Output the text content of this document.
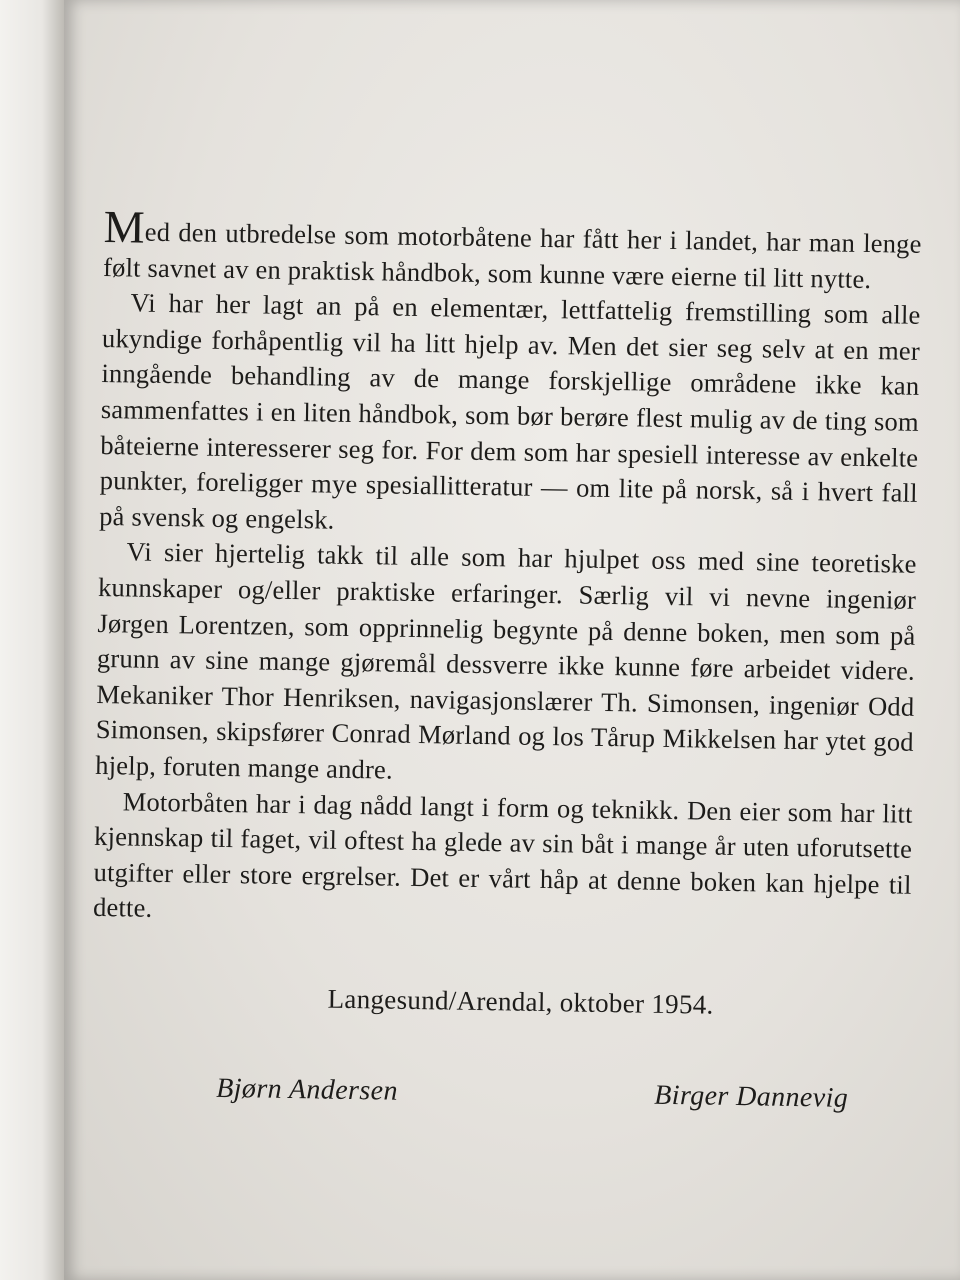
Med den utbredelse som motorbåtene har fått her i landet, har man lenge følt savnet av en praktisk håndbok, som kunne være eierne til litt nytte.

Vi har her lagt an på en elementær, lettfattelig fremstilling som alle ukyndige forhåpentlig vil ha litt hjelp av. Men det sier seg selv at en mer inngående behandling av de mange forskjellige områdene ikke kan sammenfattes i en liten håndbok, som bør berøre flest mulig av de ting som båteierne interesserer seg for. For dem som har spesiell interesse av enkelte punkter, foreligger mye spesiallitteratur — om lite på norsk, så i hvert fall på svensk og engelsk.

Vi sier hjertelig takk til alle som har hjulpet oss med sine teoretiske kunnskaper og/eller praktiske erfaringer. Særlig vil vi nevne ingeniør Jørgen Lorentzen, som opprinnelig begynte på denne boken, men som på grunn av sine mange gjøremål dessverre ikke kunne føre arbeidet videre. Mekaniker Thor Henriksen, navigasjonslærer Th. Simonsen, ingeniør Odd Simonsen, skipsfører Conrad Mørland og los Tårup Mikkelsen har ytet god hjelp, foruten mange andre.

Motorbåten har i dag nådd langt i form og teknikk. Den eier som har litt kjennskap til faget, vil oftest ha glede av sin båt i mange år uten uforutsette utgifter eller store ergrelser. Det er vårt håp at denne boken kan hjelpe til dette.

Langesund/Arendal, oktober 1954.

Bjørn Andersen	Birger Dannevig
